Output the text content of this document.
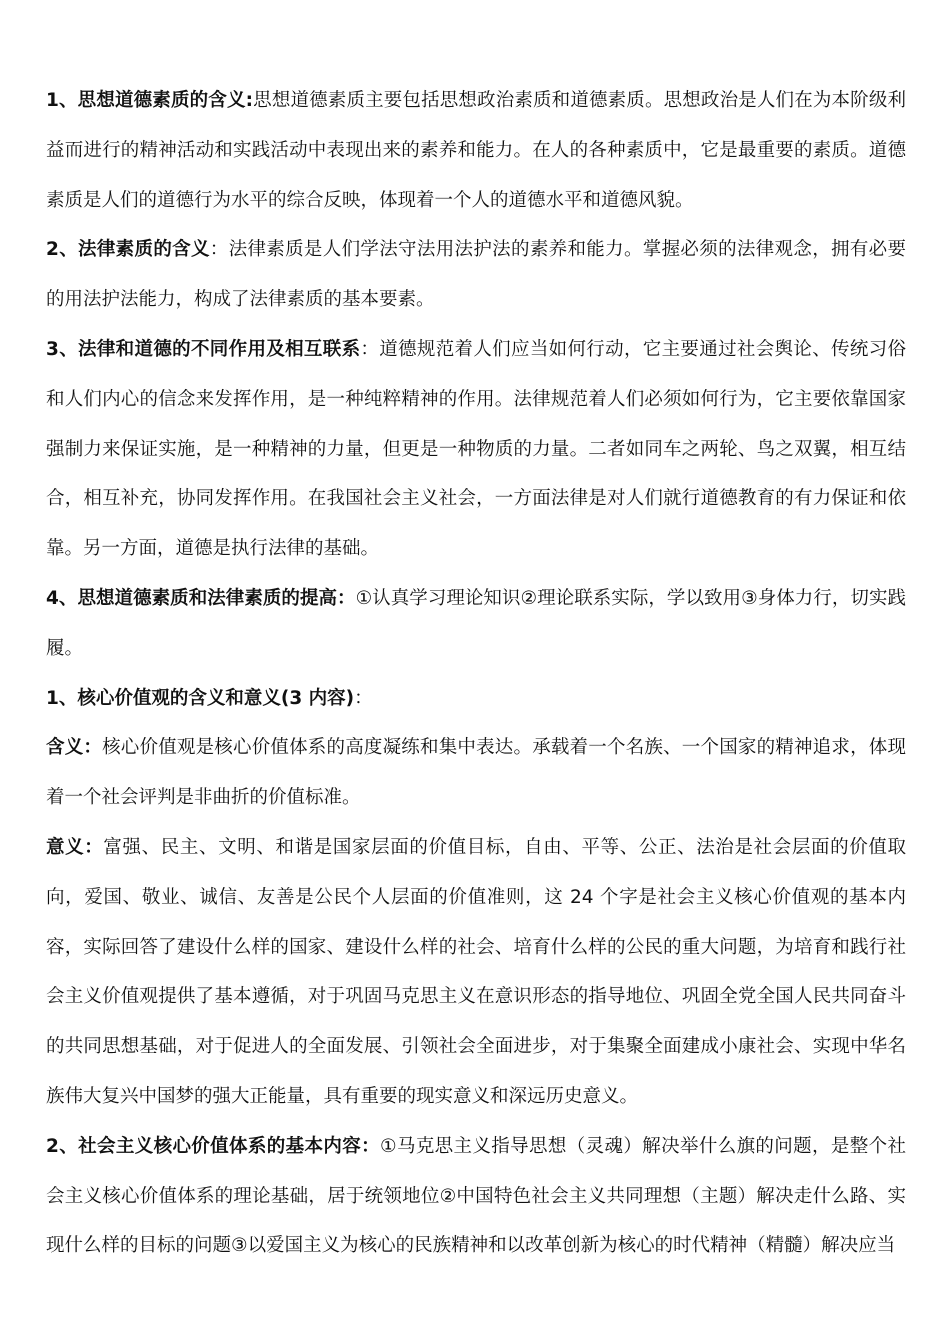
1、思想道德素质的含义:思想道德素质主要包括思想政治素质和道德素质。思想政治是人们在为本阶级利益而进行的精神活动和实践活动中表现出来的素养和能力。在人的各种素质中，它是最重要的素质。道德素质是人们的道德行为水平的综合反映，体现着一个人的道德水平和道德风貌。

2、法律素质的含义：法律素质是人们学法守法用法护法的素养和能力。掌握必须的法律观念，拥有必要的用法护法能力，构成了法律素质的基本要素。

3、法律和道德的不同作用及相互联系：道德规范着人们应当如何行动，它主要通过社会舆论、传统习俗和人们内心的信念来发挥作用，是一种纯粹精神的作用。法律规范着人们必须如何行为，它主要依靠国家强制力来保证实施，是一种精神的力量，但更是一种物质的力量。二者如同车之两轮、鸟之双翼，相互结合，相互补充，协同发挥作用。在我国社会主义社会，一方面法律是对人们就行道德教育的有力保证和依靠。另一方面，道德是执行法律的基础。

4、思想道德素质和法律素质的提高：①认真学习理论知识②理论联系实际，学以致用③身体力行，切实践履。

1、核心价值观的含义和意义(3 内容)：

含义：核心价值观是核心价值体系的高度凝练和集中表达。承载着一个名族、一个国家的精神追求，体现着一个社会评判是非曲折的价值标准。

意义：富强、民主、文明、和谐是国家层面的价值目标，自由、平等、公正、法治是社会层面的价值取向，爱国、敬业、诚信、友善是公民个人层面的价值准则，这 24 个字是社会主义核心价值观的基本内容，实际回答了建设什么样的国家、建设什么样的社会、培育什么样的公民的重大问题，为培育和践行社会主义价值观提供了基本遵循，对于巩固马克思主义在意识形态的指导地位、巩固全党全国人民共同奋斗的共同思想基础，对于促进人的全面发展、引领社会全面进步，对于集聚全面建成小康社会、实现中华名族伟大复兴中国梦的强大正能量，具有重要的现实意义和深远历史意义。

2、社会主义核心价值体系的基本内容：①马克思主义指导思想（灵魂）解决举什么旗的问题，是整个社会主义核心价值体系的理论基础，居于统领地位②中国特色社会主义共同理想（主题）解决走什么路、实现什么样的目标的问题③以爱国主义为核心的民族精神和以改革创新为核心的时代精神（精髓）解决应当
